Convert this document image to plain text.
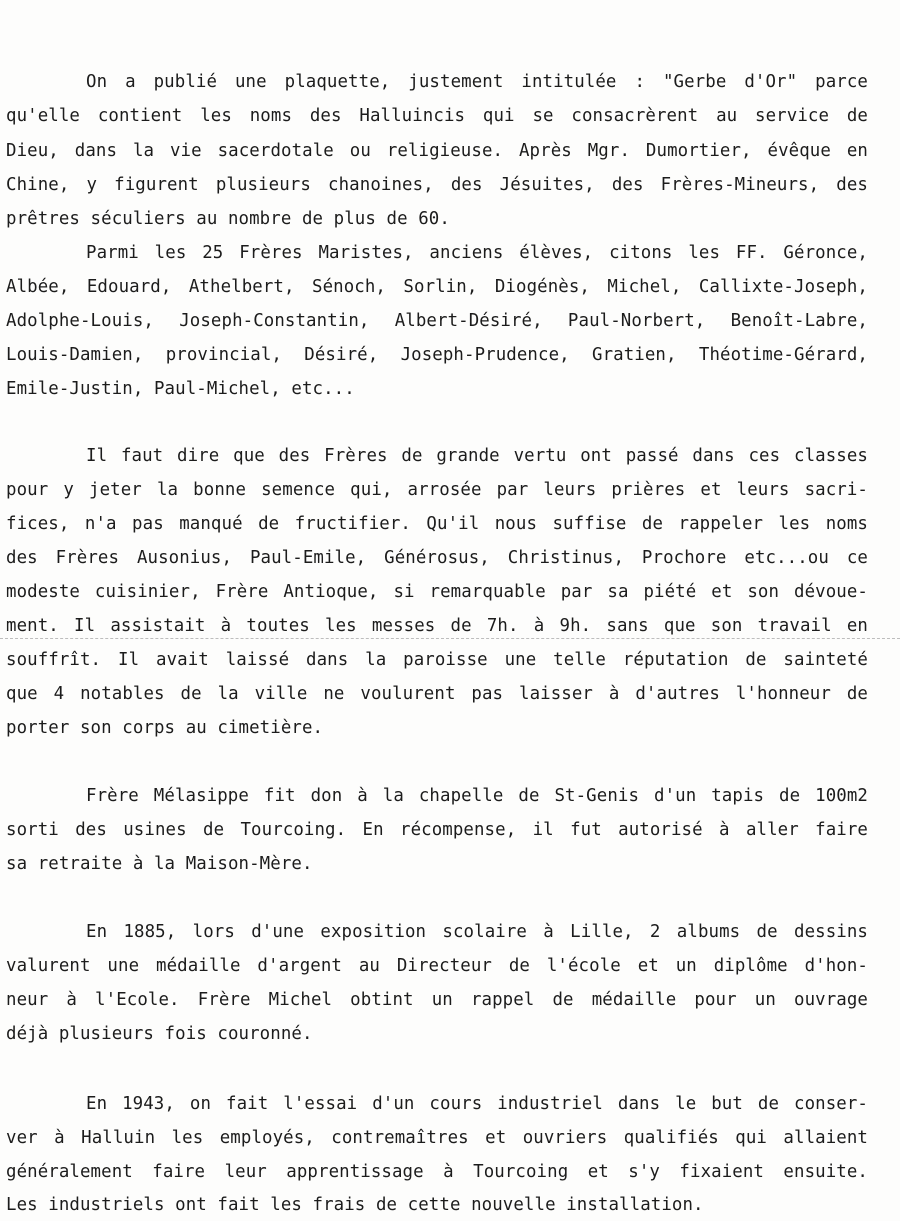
On a publié une plaquette, justement intitulée : "Gerbe d'Or" parce
qu'elle contient les noms des Halluincis qui se consacrèrent au service de
Dieu, dans la vie sacerdotale ou religieuse. Après Mgr. Dumortier, évêque en
Chine, y figurent plusieurs chanoines, des Jésuites, des Frères-Mineurs, des
prêtres séculiers au nombre de plus de 60.
Parmi les 25 Frères Maristes, anciens élèves, citons les FF. Géronce,
Albée, Edouard, Athelbert, Sénoch, Sorlin, Diogénès, Michel, Callixte-Joseph,
Adolphe-Louis, Joseph-Constantin, Albert-Désiré, Paul-Norbert, Benoît-Labre,
Louis-Damien, provincial, Désiré, Joseph-Prudence, Gratien, Théotime-Gérard,
Emile-Justin, Paul-Michel, etc...
Il faut dire que des Frères de grande vertu ont passé dans ces classes
pour y jeter la bonne semence qui, arrosée par leurs prières et leurs sacri-
fices, n'a pas manqué de fructifier. Qu'il nous suffise de rappeler les noms
des Frères Ausonius, Paul-Emile, Générosus, Christinus, Prochore etc...ou ce
modeste cuisinier, Frère Antioque, si remarquable par sa piété et son dévoue-
ment. Il assistait à toutes les messes de 7h. à 9h. sans que son travail en
souffrît. Il avait laissé dans la paroisse une telle réputation de sainteté
que 4 notables de la ville ne voulurent pas laisser à d'autres l'honneur de
porter son corps au cimetière.
Frère Mélasippe fit don à la chapelle de St-Genis d'un tapis de 100m2
sorti des usines de Tourcoing. En récompense, il fut autorisé à aller faire
sa retraite à la Maison-Mère.
En 1885, lors d'une exposition scolaire à Lille, 2 albums de dessins
valurent une médaille d'argent au Directeur de l'école et un diplôme d'hon-
neur à l'Ecole. Frère Michel obtint un rappel de médaille pour un ouvrage
déjà plusieurs fois couronné.
En 1943, on fait l'essai d'un cours industriel dans le but de conser-
ver à Halluin les employés, contremaîtres et ouvriers qualifiés qui allaient
généralement faire leur apprentissage à Tourcoing et s'y fixaient ensuite.
Les industriels ont fait les frais de cette nouvelle installation.
